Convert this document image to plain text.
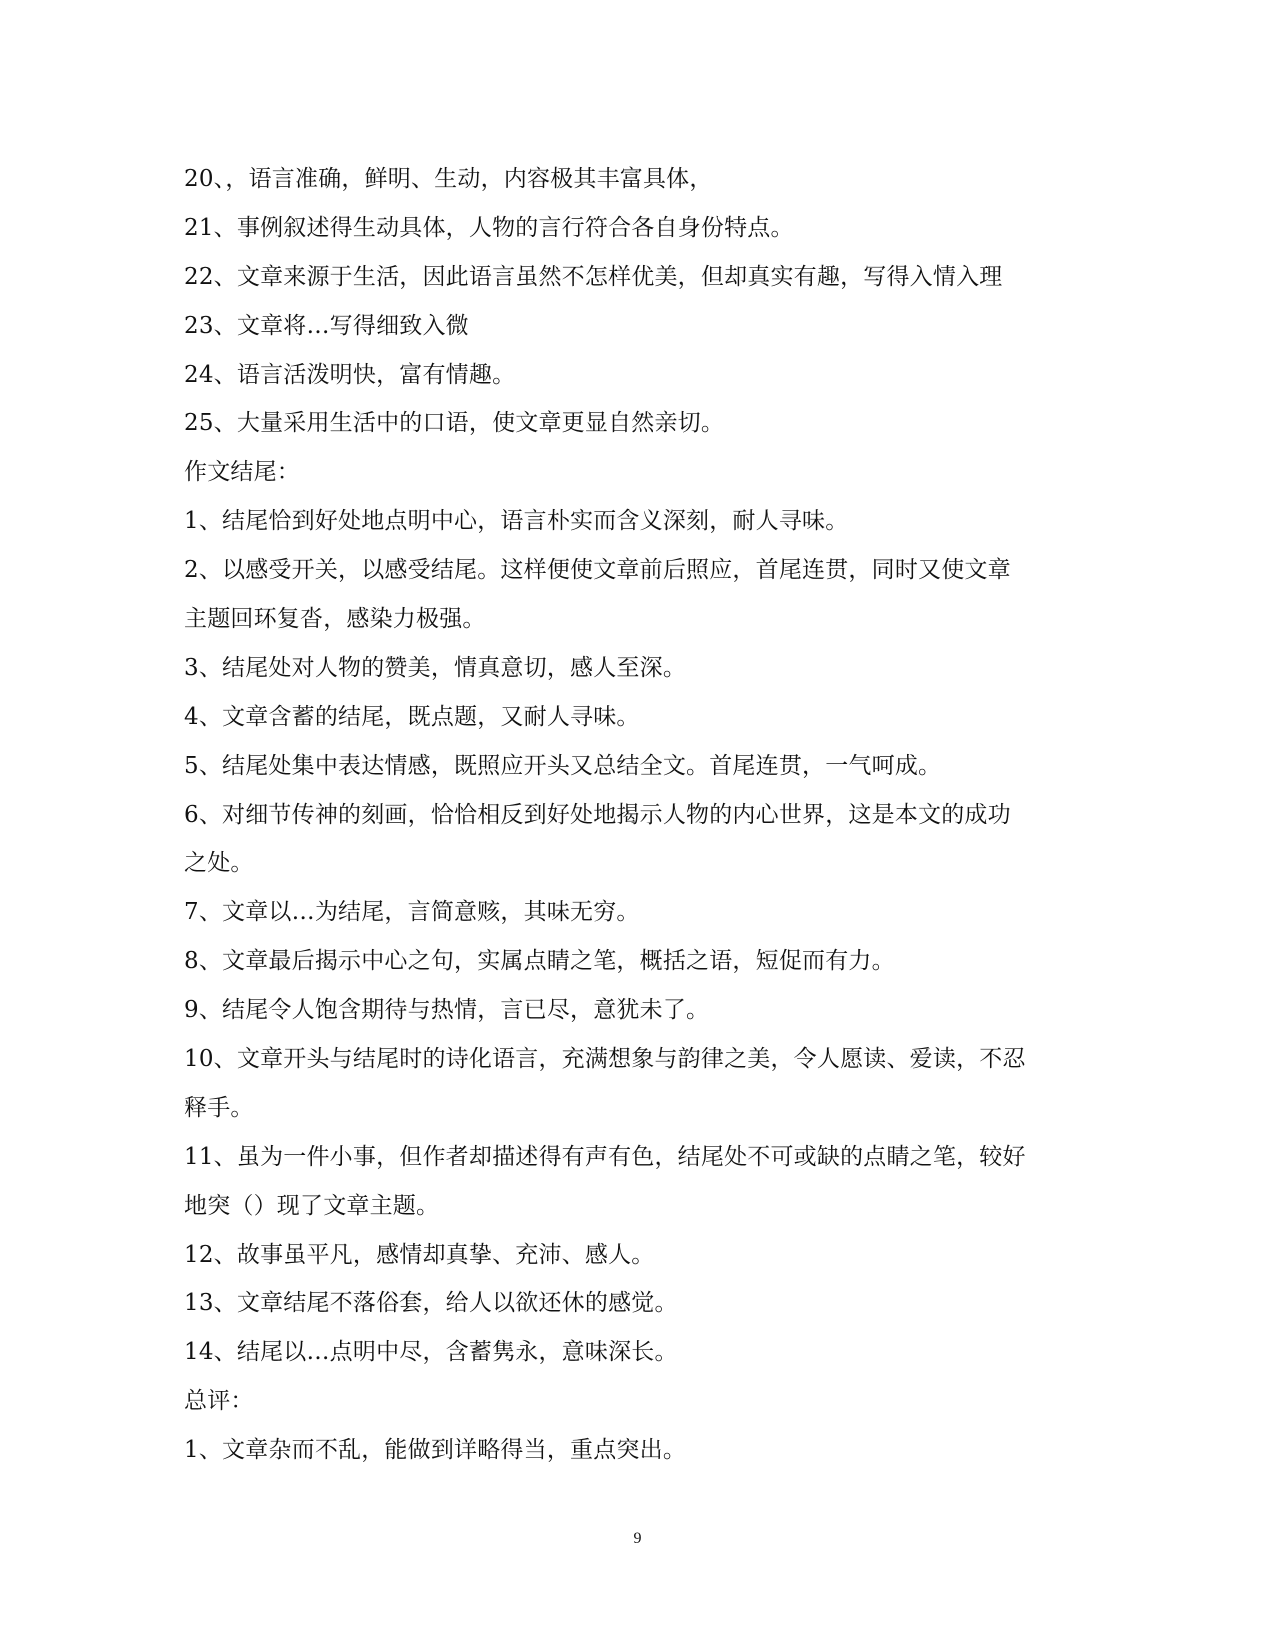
20、，语言准确，鲜明、生动，内容极其丰富具体，
21、事例叙述得生动具体，人物的言行符合各自身份特点。
22、文章来源于生活，因此语言虽然不怎样优美，但却真实有趣，写得入情入理
23、文章将…写得细致入微
24、语言活泼明快，富有情趣。
25、大量采用生活中的口语，使文章更显自然亲切。
作文结尾：
1、结尾恰到好处地点明中心，语言朴实而含义深刻，耐人寻味。
2、以感受开关，以感受结尾。这样便使文章前后照应，首尾连贯，同时又使文章
主题回环复沓，感染力极强。
3、结尾处对人物的赞美，情真意切，感人至深。
4、文章含蓄的结尾，既点题，又耐人寻味。
5、结尾处集中表达情感，既照应开头又总结全文。首尾连贯，一气呵成。
6、对细节传神的刻画，恰恰相反到好处地揭示人物的内心世界，这是本文的成功
之处。
7、文章以…为结尾，言简意赅，其味无穷。
8、文章最后揭示中心之句，实属点睛之笔，概括之语，短促而有力。
9、结尾令人饱含期待与热情，言已尽，意犹未了。
10、文章开头与结尾时的诗化语言，充满想象与韵律之美，令人愿读、爱读，不忍
释手。
11、虽为一件小事，但作者却描述得有声有色，结尾处不可或缺的点睛之笔，较好
地突（）现了文章主题。
12、故事虽平凡，感情却真挚、充沛、感人。
13、文章结尾不落俗套，给人以欲还休的感觉。
14、结尾以…点明中尽，含蓄隽永，意味深长。
总评：
1、文章杂而不乱，能做到详略得当，重点突出。
9
